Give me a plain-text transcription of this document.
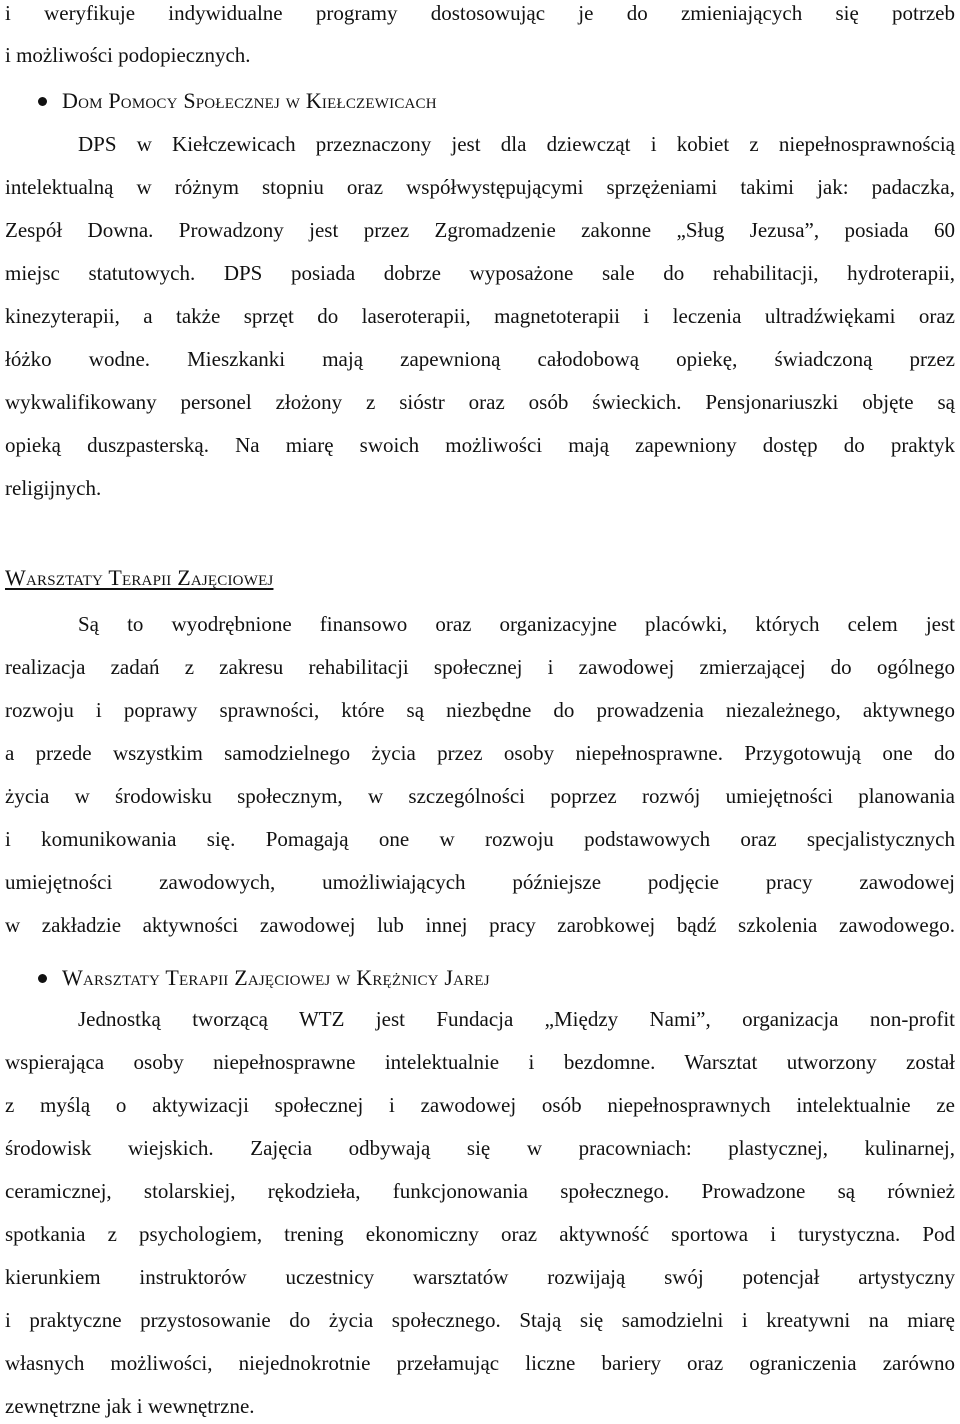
i weryfikuje indywidualne programy dostosowując je do zmieniających się potrzeb
i możliwości podopiecznych.
Dom Pomocy Społecznej w Kiełczewicach
DPS w Kiełczewicach przeznaczony jest dla dziewcząt i kobiet z niepełnosprawnością
intelektualną w różnym stopniu oraz współwystępującymi sprzężeniami takimi jak: padaczka,
Zespół Downa. Prowadzony jest przez Zgromadzenie zakonne „Sług Jezusa”, posiada 60
miejsc statutowych. DPS posiada dobrze wyposażone sale do rehabilitacji, hydroterapii,
kinezyterapii, a także sprzęt do laseroterapii, magnetoterapii i leczenia ultradźwiękami oraz
łóżko wodne. Mieszkanki mają zapewnioną całodobową opiekę, świadczoną przez
wykwalifikowany personel złożony z sióstr oraz osób świeckich. Pensjonariuszki objęte są
opieką duszpasterską. Na miarę swoich możliwości mają zapewniony dostęp do praktyk
religijnych.
Warsztaty Terapii Zajęciowej
Są to wyodrębnione finansowo oraz organizacyjne placówki, których celem jest
realizacja zadań z zakresu rehabilitacji społecznej i zawodowej zmierzającej do ogólnego
rozwoju i poprawy sprawności, które są niezbędne do prowadzenia niezależnego, aktywnego
a przede wszystkim samodzielnego życia przez osoby niepełnosprawne. Przygotowują one do
życia w środowisku społecznym, w szczególności poprzez rozwój umiejętności planowania
i komunikowania się. Pomagają one w rozwoju podstawowych oraz specjalistycznych
umiejętności zawodowych, umożliwiających późniejsze podjęcie pracy zawodowej
w zakładzie aktywności zawodowej lub innej pracy zarobkowej bądź szkolenia zawodowego.
Warsztaty Terapii Zajęciowej w Krężnicy Jarej
Jednostką tworzącą WTZ jest Fundacja „Między Nami”, organizacja non-profit
wspierająca osoby niepełnosprawne intelektualnie i bezdomne. Warsztat utworzony został
z myślą o aktywizacji społecznej i zawodowej osób niepełnosprawnych intelektualnie ze
środowisk wiejskich. Zajęcia odbywają się w pracowniach: plastycznej, kulinarnej,
ceramicznej, stolarskiej, rękodzieła, funkcjonowania społecznego. Prowadzone są również
spotkania z psychologiem, trening ekonomiczny oraz aktywność sportowa i turystyczna. Pod
kierunkiem instruktorów uczestnicy warsztatów rozwijają swój potencjał artystyczny
i praktyczne przystosowanie do życia społecznego. Stają się samodzielni i kreatywni na miarę
własnych możliwości, niejednokrotnie przełamując liczne bariery oraz ograniczenia zarówno
zewnętrzne jak i wewnętrzne.
